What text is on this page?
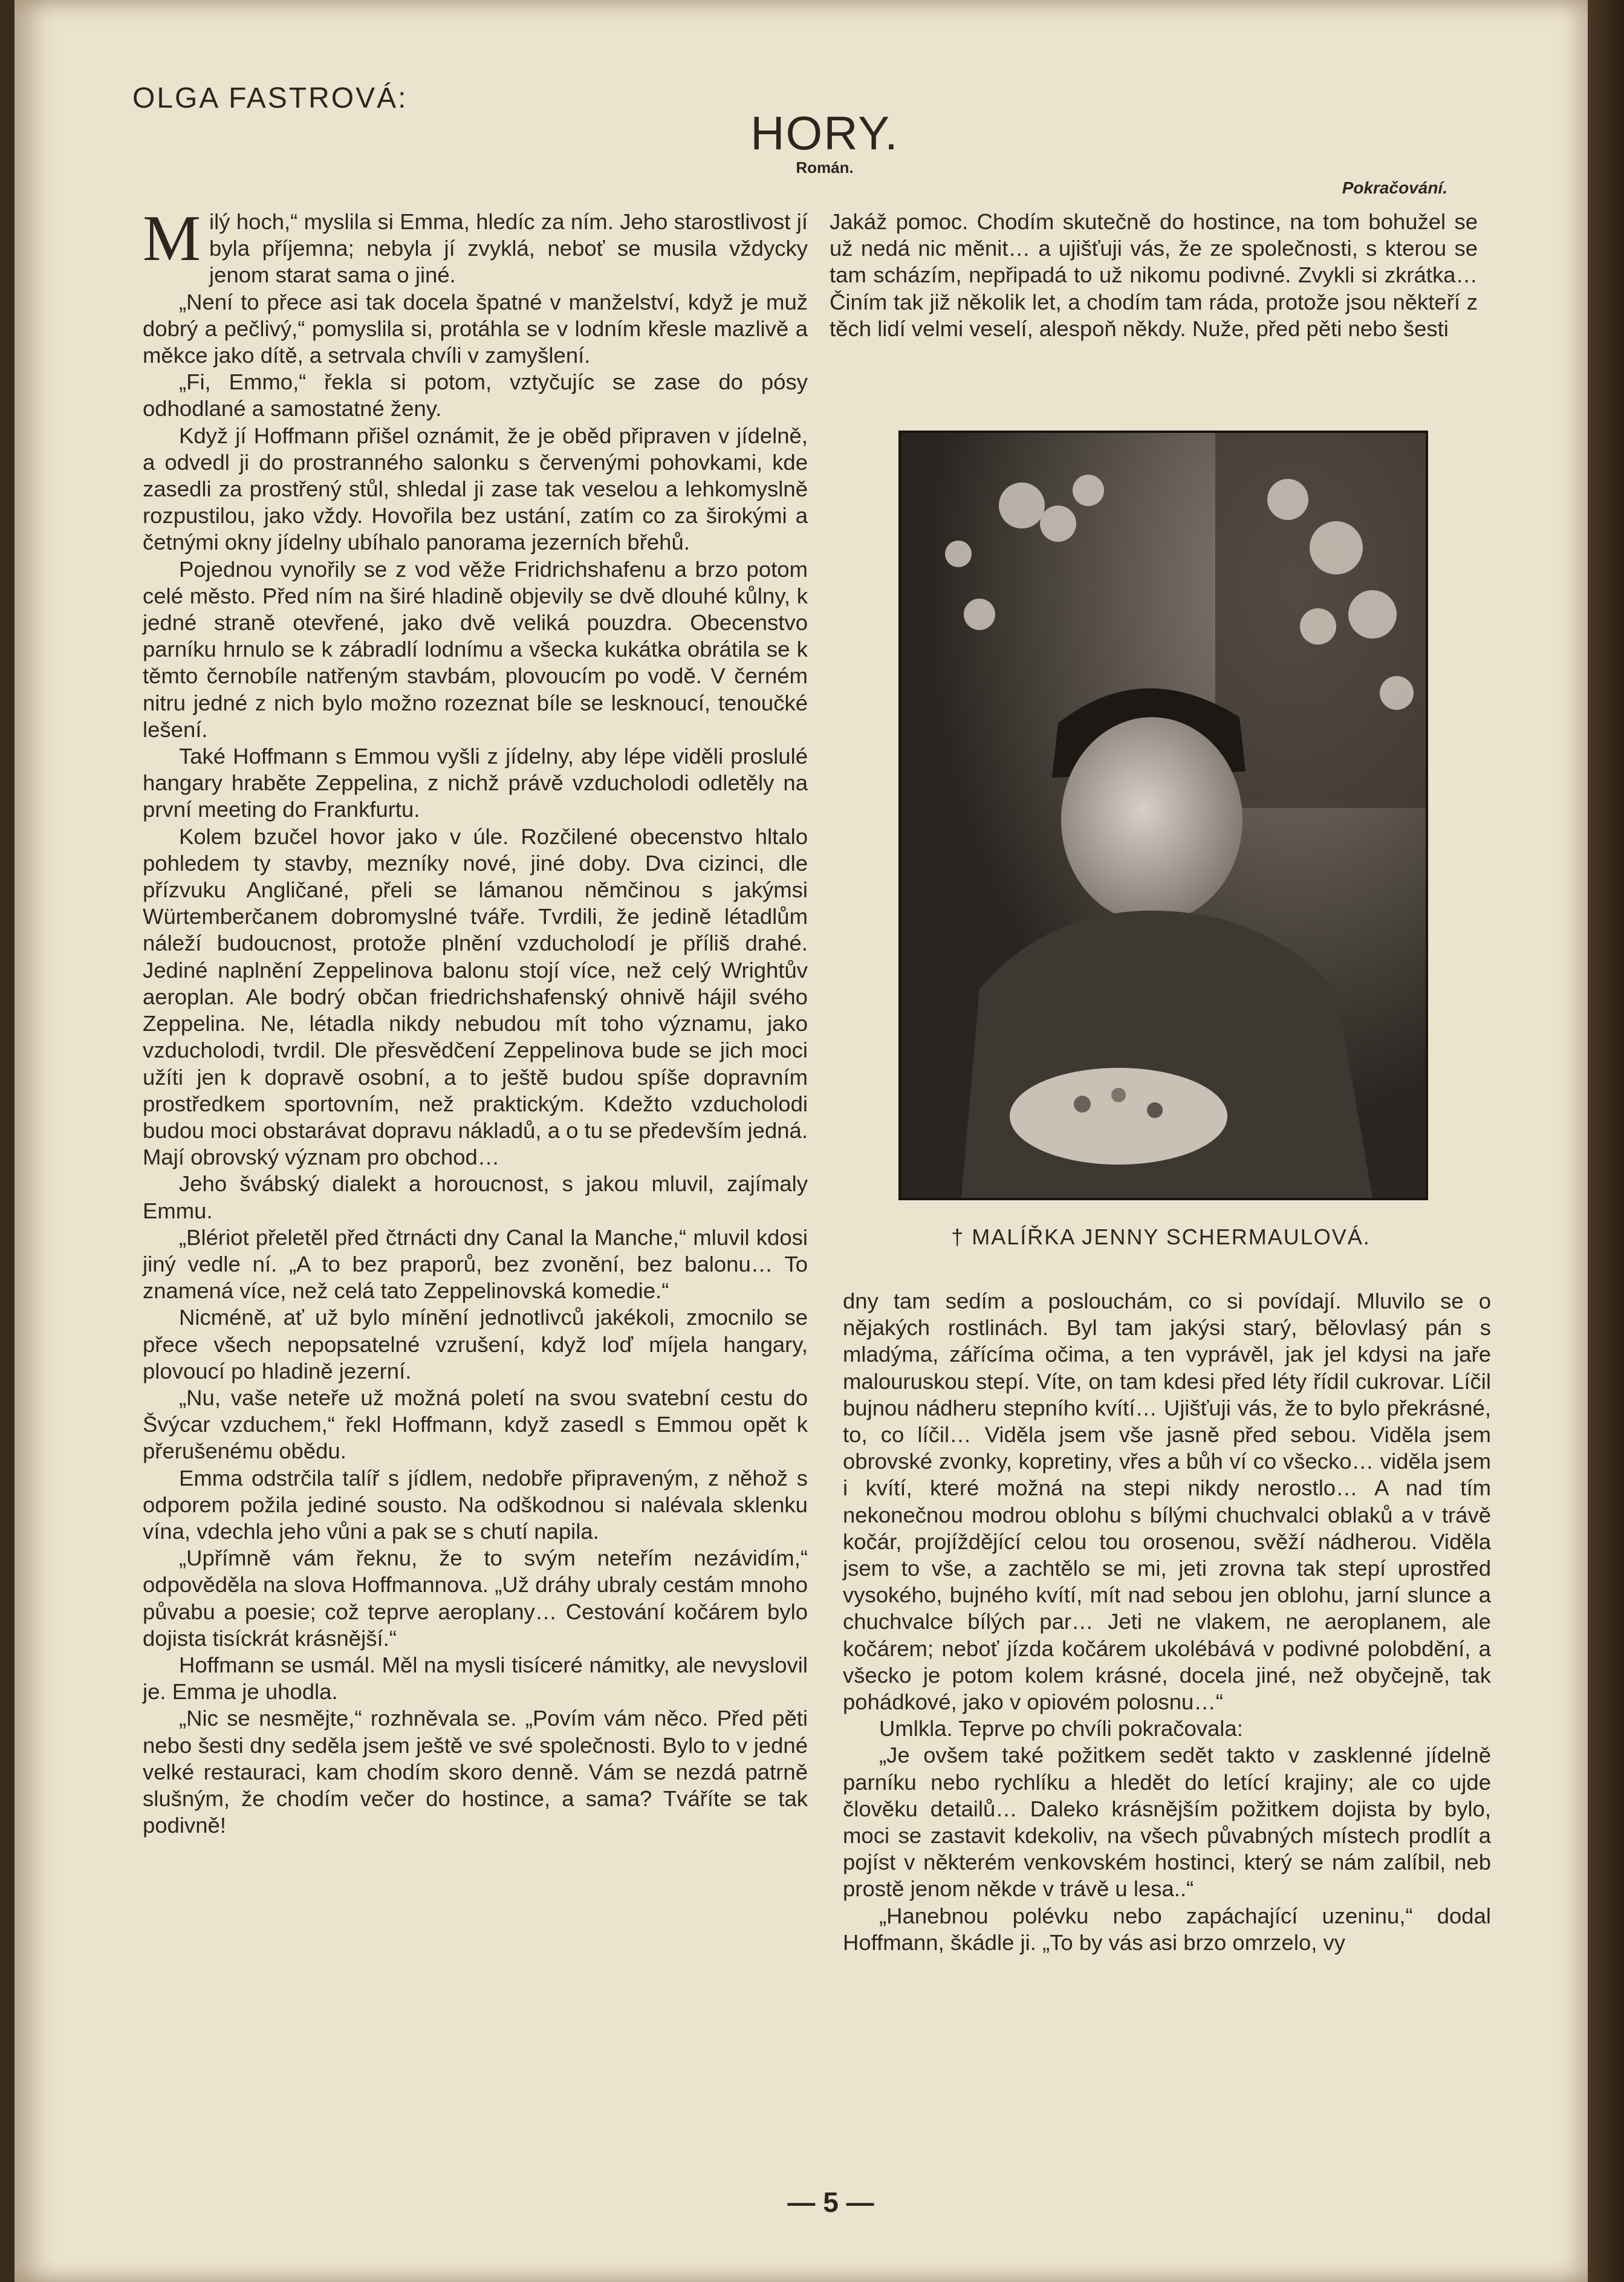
OLGA FASTROVÁ:
HORY.
Román.
Pokračování.

Milý hoch,“ myslila si Emma, hledíc za ním. Jeho starostlivost jí byla příjemna; nebyla jí zvyklá, neboť se musila vždycky jenom starat sama o jiné.

„Není to přece asi tak docela špatné v manželství, když je muž dobrý a pečlivý,“ pomyslila si, protáhla se v lodním křesle mazlivě a měkce jako dítě, a setrvala chvíli v zamyšlení.

„Fi, Emmo,“ řekla si potom, vztyčujíc se zase do pósy odhodlané a samostatné ženy.

Když jí Hoffmann přišel oznámit, že je oběd připraven v jídelně, a odvedl ji do prostranného salonku s červenými pohovkami, kde zasedli za prostřený stůl, shledal ji zase tak veselou a lehkomyslně rozpustilou, jako vždy. Hovořila bez ustání, zatím co za širokými a četnými okny jídelny ubíhalo panorama jezerních břehů.

Pojednou vynořily se z vod věže Fridrichshafenu a brzo potom celé město. Před ním na širé hladině objevily se dvě dlouhé kůlny, k jedné straně otevřené, jako dvě veliká pouzdra. Obecenstvo parníku hrnulo se k zábradlí lodnímu a všecka kukátka obrátila se k těmto černobíle natřeným stavbám, plovoucím po vodě. V černém nitru jedné z nich bylo možno rozeznat bíle se lesknoucí, tenoučké lešení.

Také Hoffmann s Emmou vyšli z jídelny, aby lépe viděli proslulé hangary hraběte Zeppelina, z nichž právě vzducholodi odletěly na první meeting do Frankfurtu.

Kolem bzučel hovor jako v úle. Rozčilené obecenstvo hltalo pohledem ty stavby, mezníky nové, jiné doby. Dva cizinci, dle přízvuku Angličané, přeli se lámanou němčinou s jakýmsi Würtemberčanem dobromyslné tváře. Tvrdili, že jedině létadlům náleží budoucnost, protože plnění vzducholodí je příliš drahé. Jediné naplnění Zeppelinova balonu stojí více, než celý Wrightův aeroplan. Ale bodrý občan friedrichshafenský ohnivě hájil svého Zeppelina. Ne, létadla nikdy nebudou mít toho významu, jako vzducholodi, tvrdil. Dle přesvědčení Zeppelinova bude se jich moci užíti jen k dopravě osobní, a to ještě budou spíše dopravním prostředkem sportovním, než praktickým. Kdežto vzducholodi budou moci obstarávat dopravu nákladů, a o tu se především jedná. Mají obrovský význam pro obchod…

Jeho švábský dialekt a horoucnost, s jakou mluvil, zajímaly Emmu.

„Blériot přeletěl před čtrnácti dny Canal la Manche,“ mluvil kdosi jiný vedle ní. „A to bez praporů, bez zvonění, bez balonu… To znamená více, než celá tato Zeppelinovská komedie.“

Nicméně, ať už bylo mínění jednotlivců jakékoli, zmocnilo se přece všech nepopsatelné vzrušení, když loď míjela hangary, plovoucí po hladině jezerní.

„Nu, vaše neteře už možná poletí na svou svatební cestu do Švýcar vzduchem,“ řekl Hoffmann, když zasedl s Emmou opět k přerušenému obědu.

Emma odstrčila talíř s jídlem, nedobře připraveným, z něhož s odporem požila jediné sousto. Na odškodnou si nalévala sklenku vína, vdechla jeho vůni a pak se s chutí napila.

„Upřímně vám řeknu, že to svým neteřím nezávidím,“ odpověděla na slova Hoffmannova. „Už dráhy ubraly cestám mnoho půvabu a poesie; což teprve aeroplany… Cestování kočárem bylo dojista tisíckrát krásnější.“

Hoffmann se usmál. Měl na mysli tisíceré námitky, ale nevyslovil je. Emma je uhodla.

„Nic se nesmějte,“ rozhněvala se. „Povím vám něco. Před pěti nebo šesti dny seděla jsem ještě ve své společnosti. Bylo to v jedné velké restauraci, kam chodím skoro denně. Vám se nezdá patrně slušným, že chodím večer do hostince, a sama? Tváříte se tak podivně!

Jakáž pomoc. Chodím skutečně do hostince, na tom bohužel se už nedá nic měnit… a ujišťuji vás, že ze společnosti, s kterou se tam scházím, nepřipadá to už nikomu podivné. Zvykli si zkrátka… Činím tak již několik let, a chodím tam ráda, protože jsou někteří z těch lidí velmi veselí, alespoň někdy. Nuže, před pěti nebo šesti

† MALÍŘKA JENNY SCHERMAULOVÁ.

dny tam sedím a poslouchám, co si povídají. Mluvilo se o nějakých rostlinách. Byl tam jakýsi starý, bělovlasý pán s mladýma, zářícíma očima, a ten vyprávěl, jak jel kdysi na jaře malouruskou stepí. Víte, on tam kdesi před léty řídil cukrovar. Líčil bujnou nádheru stepního kvítí… Ujišťuji vás, že to bylo překrásné, to, co líčil… Viděla jsem vše jasně před sebou. Viděla jsem obrovské zvonky, kopretiny, vřes a bůh ví co všecko… viděla jsem i kvítí, které možná na stepi nikdy nerostlo… A nad tím nekonečnou modrou oblohu s bílými chuchvalci oblaků a v trávě kočár, projíždějící celou tou orosenou, svěží nádherou. Viděla jsem to vše, a zachtělo se mi, jeti zrovna tak stepí uprostřed vysokého, bujného kvítí, mít nad sebou jen oblohu, jarní slunce a chuchvalce bílých par… Jeti ne vlakem, ne aeroplanem, ale kočárem; neboť jízda kočárem ukolébává v podivné polobdění, a všecko je potom kolem krásné, docela jiné, než obyčejně, tak pohádkové, jako v opiovém polosnu…“

Umlkla. Teprve po chvíli pokračovala:

„Je ovšem také požitkem sedět takto v zasklenné jídelně parníku nebo rychlíku a hledět do letící krajiny; ale co ujde člověku detailů… Daleko krásnějším požitkem dojista by bylo, moci se zastavit kdekoliv, na všech půvabných místech prodlít a pojíst v některém venkovském hostinci, který se nám zalíbil, neb prostě jenom někde v trávě u lesa..“

„Hanebnou polévku nebo zapáchající uzeninu,“ dodal Hoffmann, škádle ji. „To by vás asi brzo omrzelo, vy

— 5 —
